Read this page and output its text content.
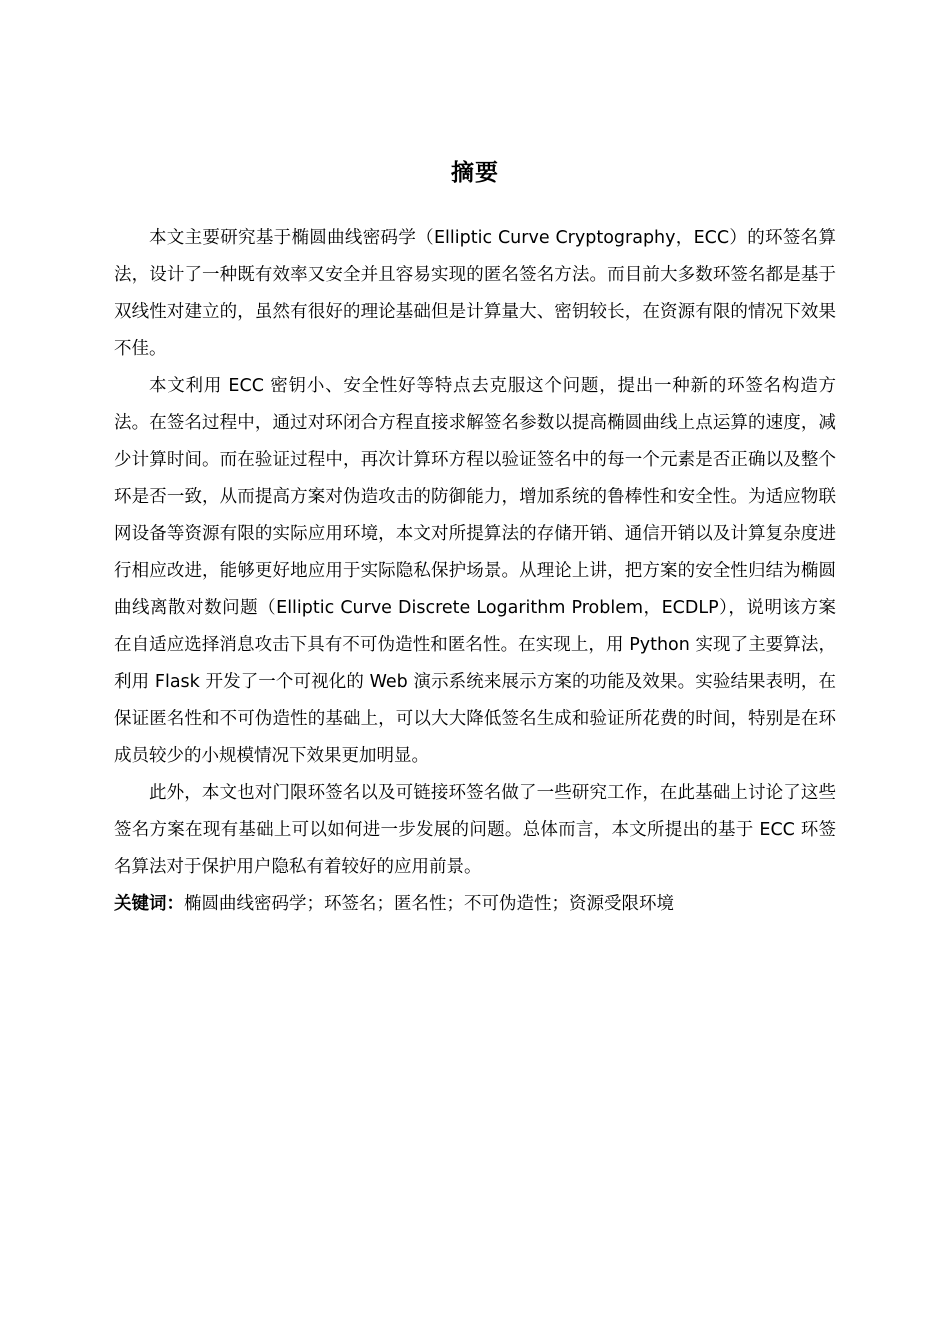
摘要

本文主要研究基于椭圆曲线密码学（Elliptic Curve Cryptography，ECC）的环签名算法，设计了一种既有效率又安全并且容易实现的匿名签名方法。而目前大多数环签名都是基于双线性对建立的，虽然有很好的理论基础但是计算量大、密钥较长，在资源有限的情况下效果不佳。

本文利用 ECC 密钥小、安全性好等特点去克服这个问题，提出一种新的环签名构造方法。在签名过程中，通过对环闭合方程直接求解签名参数以提高椭圆曲线上点运算的速度，减少计算时间。而在验证过程中，再次计算环方程以验证签名中的每一个元素是否正确以及整个环是否一致，从而提高方案对伪造攻击的防御能力，增加系统的鲁棒性和安全性。为适应物联网设备等资源有限的实际应用环境，本文对所提算法的存储开销、通信开销以及计算复杂度进行相应改进，能够更好地应用于实际隐私保护场景。从理论上讲，把方案的安全性归结为椭圆曲线离散对数问题（Elliptic Curve Discrete Logarithm Problem，ECDLP），说明该方案在自适应选择消息攻击下具有不可伪造性和匿名性。在实现上，用 Python 实现了主要算法，利用 Flask 开发了一个可视化的 Web 演示系统来展示方案的功能及效果。实验结果表明，在保证匿名性和不可伪造性的基础上，可以大大降低签名生成和验证所花费的时间，特别是在环成员较少的小规模情况下效果更加明显。

此外，本文也对门限环签名以及可链接环签名做了一些研究工作，在此基础上讨论了这些签名方案在现有基础上可以如何进一步发展的问题。总体而言，本文所提出的基于 ECC 环签名算法对于保护用户隐私有着较好的应用前景。

关键词：椭圆曲线密码学；环签名；匿名性；不可伪造性；资源受限环境
